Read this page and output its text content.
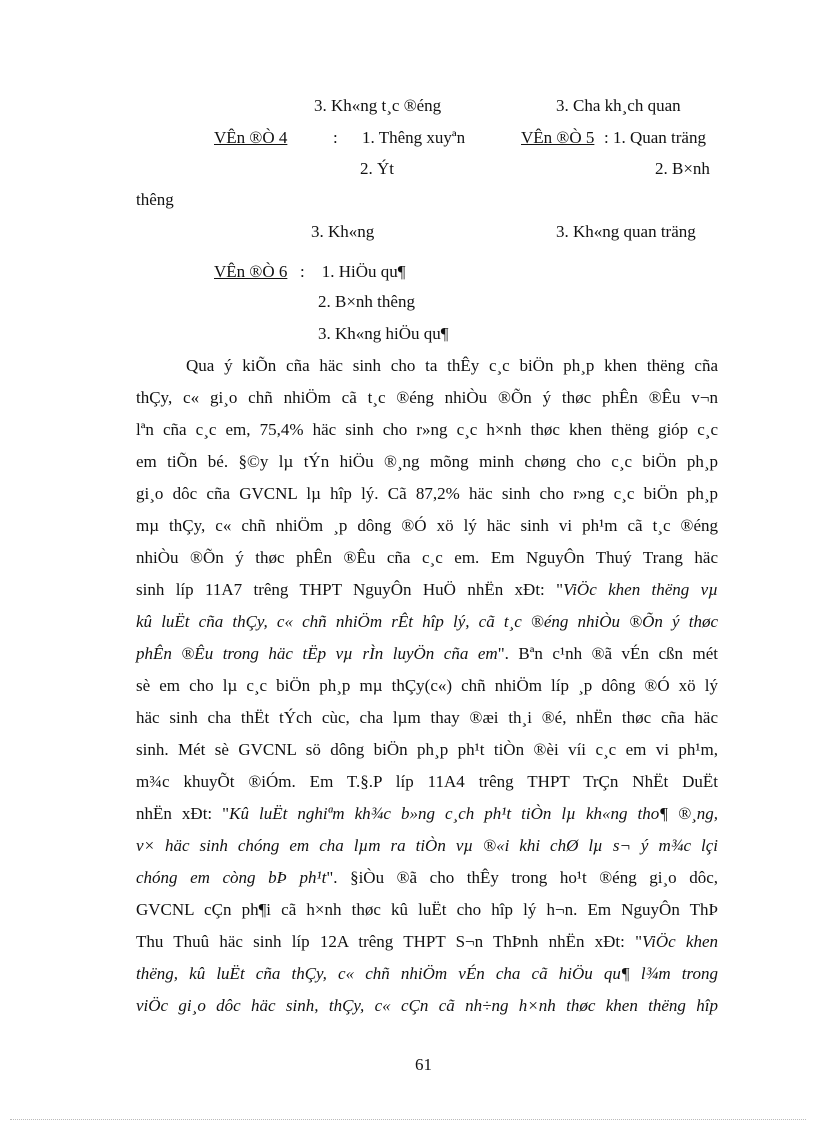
3. Kh«ng t¸c ®éng	3. Cha kh¸ch quan
VÊn ®Ò 4	: 1. Thêng xuyªn	VÊn ®Ò 5 : 1. Quan träng
2. Ýt	2. B×nh
thêng
3. Kh«ng	3. Kh«ng quan träng
VÊn ®Ò 6 :    1. HiÖu qu¶
2. B×nh thêng
3. Kh«ng hiÖu qu¶
Qua ý kiÕn cña häc sinh cho ta thÊy c¸c biÖn ph¸p khen thëng cña
thÇy, c« gi¸o chñ nhiÖm cã t¸c ®éng nhiÒu ®Õn ý thøc phÊn ®Êu v¬n
lªn cña c¸c em, 75,4% häc sinh cho r»ng c¸c h×nh thøc khen thëng gióp c¸c
em tiÕn bé. §©y lµ tÝn hiÖu ®¸ng mõng minh chøng cho c¸c biÖn ph¸p
gi¸o dôc cña GVCNL lµ hîp lý. Cã 87,2% häc sinh cho r»ng c¸c biÖn ph¸p
mµ thÇy, c« chñ nhiÖm ¸p dông ®Ó xö lý häc sinh vi ph¹m cã t¸c ®éng
nhiÒu ®Õn ý thøc phÊn ®Êu cña c¸c em. Em NguyÔn Thuý Trang häc
sinh líp 11A7 trêng THPT NguyÔn HuÖ nhËn xÐt: "ViÖc khen thëng vµ
kû luËt cña thÇy, c« chñ nhiÖm rÊt hîp lý, cã t¸c ®éng nhiÒu ®Õn ý thøc
phÊn ®Êu trong häc tËp vµ rÌn luyÖn cña em". Bªn c¹nh ®ã vÉn cßn mét
sè em cho lµ c¸c biÖn ph¸p mµ thÇy(c«) chñ nhiÖm líp ¸p dông ®Ó xö lý
häc sinh cha thËt tÝch cùc, cha lµm thay ®æi th¸i ®é, nhËn thøc cña häc
sinh. Mét sè GVCNL sö dông biÖn ph¸p ph¹t tiÒn ®èi víi c¸c em vi ph¹m,
m¾c khuyÕt ®iÓm. Em T.§.P líp 11A4 trêng THPT TrÇn NhËt DuËt
nhËn xÐt: "Kû luËt nghiªm kh¾c b»ng c¸ch ph¹t tiÒn lµ kh«ng tho¶ ®¸ng,
v× häc sinh chóng em cha lµm ra tiÒn vµ ®«i khi chØ lµ s¬ ý m¾c lçi
chóng em còng bÞ ph¹t". §iÒu ®ã cho thÊy trong ho¹t ®éng gi¸o dôc,
GVCNL cÇn ph¶i cã h×nh thøc kû luËt cho hîp lý h¬n. Em NguyÔn ThÞ
Thu Thuû häc sinh líp 12A trêng THPT S¬n ThÞnh nhËn xÐt: "ViÖc khen
thëng, kû luËt cña thÇy, c« chñ nhiÖm vÉn cha cã hiÖu qu¶ l¾m trong
viÖc gi¸o dôc häc sinh, thÇy, c« cÇn cã nh÷ng h×nh thøc khen thëng hîp
61
